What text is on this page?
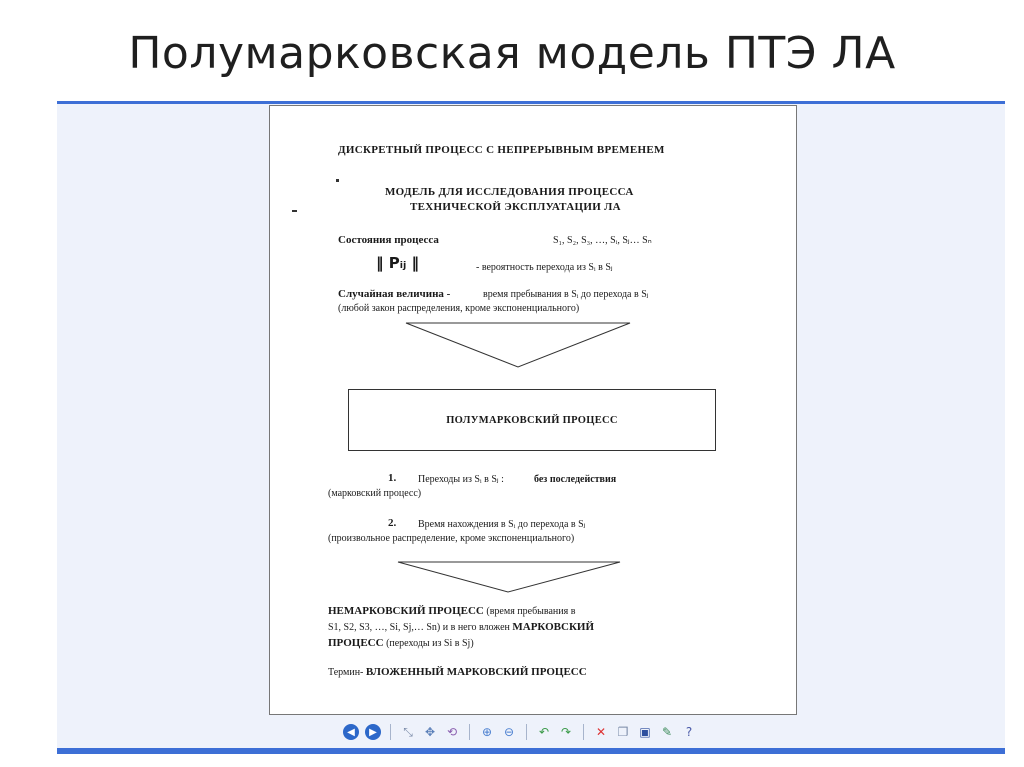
Полумарковская модель ПТЭ ЛА
ДИСКРЕТНЫЙ ПРОЦЕСС С НЕПРЕРЫВНЫМ ВРЕМЕНЕМ
МОДЕЛЬ ДЛЯ ИССЛЕДОВАНИЯ ПРОЦЕССА
ТЕХНИЧЕСКОЙ ЭКСПЛУАТАЦИИ ЛА
Состояния процесса	S₁, S₂, S₃, …, Sᵢ, Sⱼ… Sₙ
‖ Pᵢⱼ ‖	- вероятность перехода из Sᵢ в Sⱼ
Случайная величина -	время пребывания в Sᵢ до перехода в Sⱼ
(любой закон распределения, кроме экспоненциального)
ПОЛУМАРКОВСКИЙ ПРОЦЕСС
1. Переходы из Sᵢ в Sⱼ :	без последействия
(марковский процесс)
2. Время нахождения в Sᵢ до перехода в Sⱼ
(произвольное распределение, кроме экспоненциального)
НЕМАРКОВСКИЙ ПРОЦЕСС (время пребывания в
S1, S2, S3, …, Si, Sj,… Sn) и в него вложен МАРКОВСКИЙ
ПРОЦЕСС (переходы из Si в Sj)
Термин- ВЛОЖЕННЫЙ МАРКОВСКИЙ ПРОЦЕСС
◀	▶	⤡ ✥ ⟲ ⊕ ⊖ ↶ ↷ ✕ ❐ ▣ ✎	?
